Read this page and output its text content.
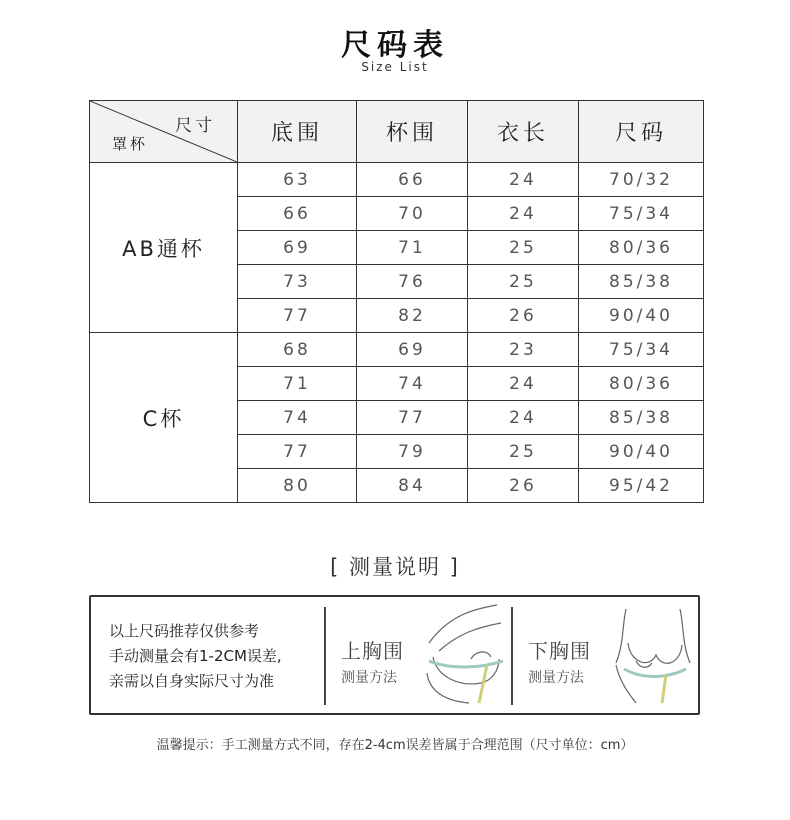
尺码表
Size List
尺寸
罩杯	底围	杯围	衣长	尺码
AB通杯	63	66	24	70/32
	66	70	24	75/34
	69	71	25	80/36
	73	76	25	85/38
	77	82	26	90/40
C杯	68	69	23	75/34
	71	74	24	80/36
	74	77	24	85/38
	77	79	25	90/40
	80	84	26	95/42
[ 测量说明 ]
以上尺码推荐仅供参考
手动测量会有1-2CM误差,
亲需以自身实际尺寸为准
上胸围
测量方法
下胸围
测量方法
温馨提示：手工测量方式不同，存在2-4cm误差皆属于合理范围（尺寸单位：cm）
